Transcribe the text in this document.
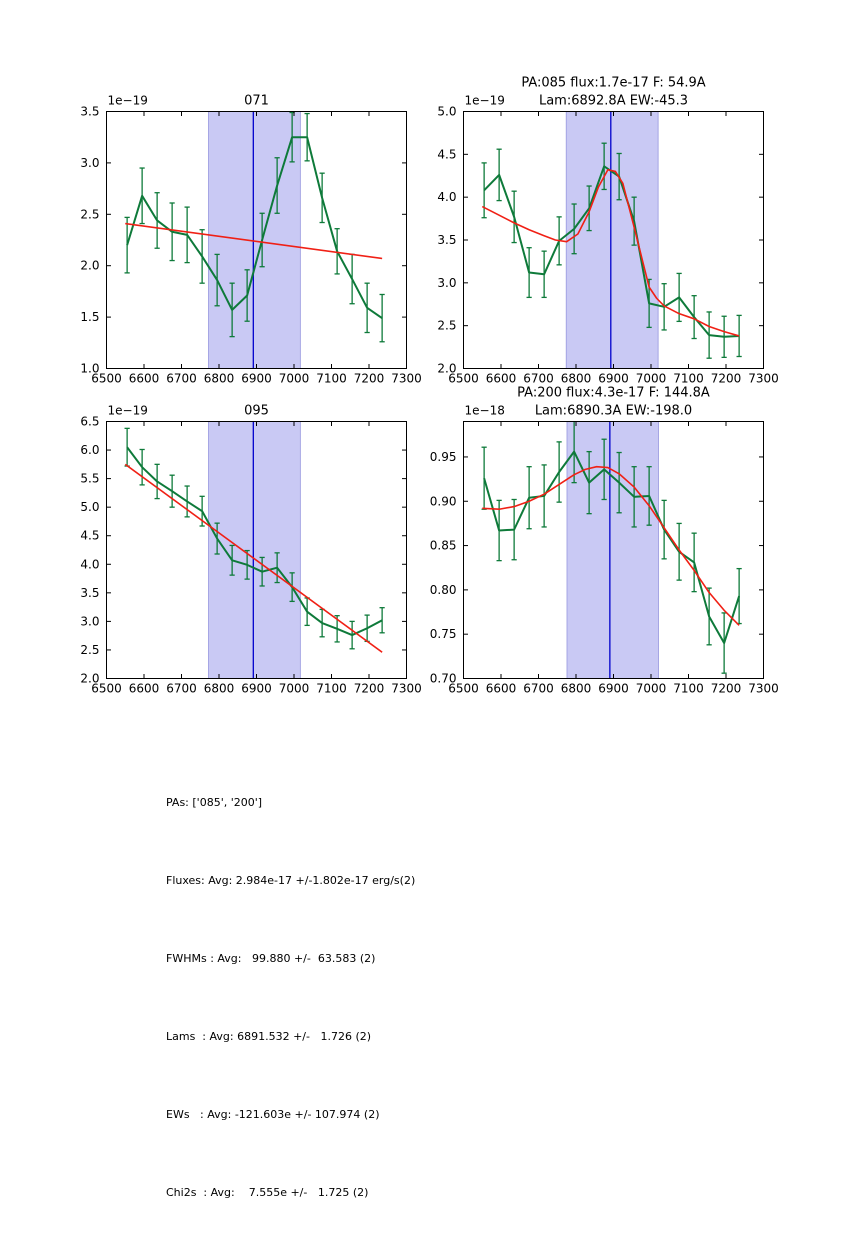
6500 6600 6700 6800 6900 7000 7100 7200 7300
1.0
1.5
2.0
2.5
3.0
3.5
1e−19	071
6500 6600 6700 6800 6900 7000 7100 7200 7300
2.0
2.5
3.0
3.5
4.0
4.5
5.0
1e−19
PA:085 flux:1.7e-17 F: 54.9A
Lam:6892.8A EW:-45.3
6500 6600 6700 6800 6900 7000 7100 7200 7300
2.0
2.5
3.0
3.5
4.0
4.5
5.0
5.5
6.0
6.5
1e−19	095
6500 6600 6700 6800 6900 7000 7100 7200 7300
0.70
0.75
0.80
0.85
0.90
0.95
1e−18
PA:200 flux:4.3e-17 F: 144.8A
Lam:6890.3A EW:-198.0

PAs: ['085', '200']

Fluxes: Avg: 2.984e-17 +/-1.802e-17 erg/s(2)

FWHMs : Avg:   99.880 +/-  63.583 (2)

Lams  : Avg: 6891.532 +/-   1.726 (2)

EWs   : Avg: -121.603e +/- 107.974 (2)

Chi2s  : Avg:    7.555e +/-   1.725 (2)
